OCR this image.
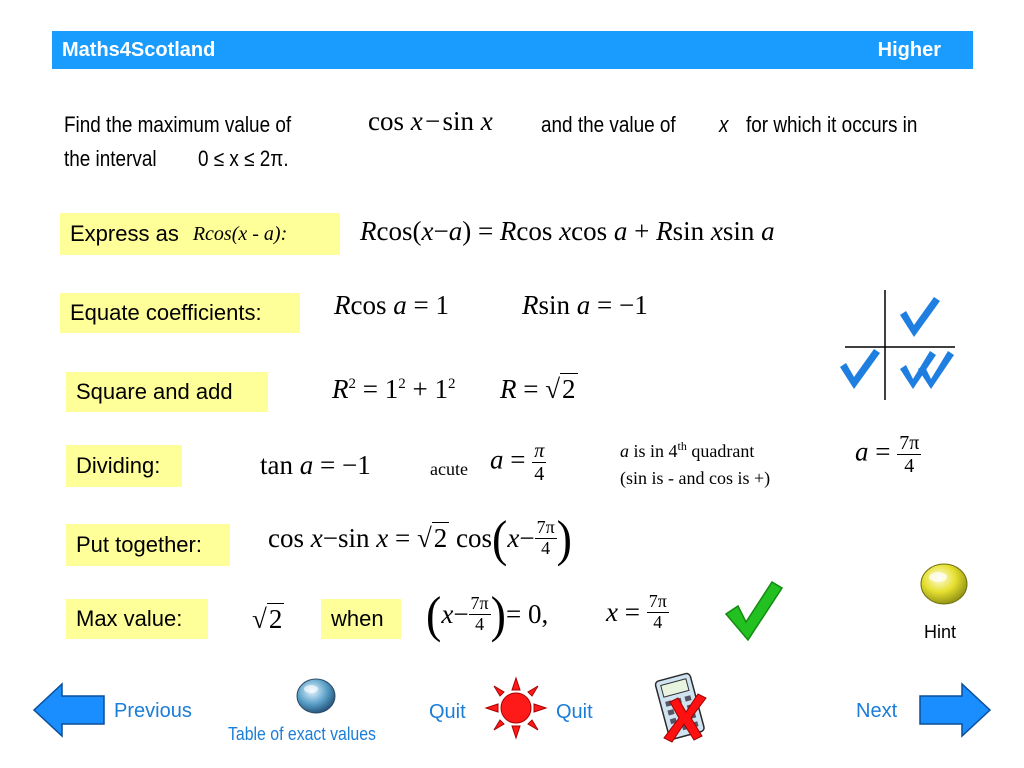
Maths4Scotland	Higher
Find the maximum value of	cos x − sin x and the value of x for which it occurs in
the interval 0 ≤ x ≤ 2π.
Express as Rcos(x - a):	Rcos(x−a) = Rcos xcos a + Rsin xsin a
Equate coefficients:	Rcos a = 1	Rsin a = −1
Square and add	$R^2 = 1^2 + 1^2$ R = √2
Dividing:	tan a = −1	acute $a = \frac{\pi}{4}$	a is in 4th quadrant
(sin is - and cos is +)
$a = \frac{7\pi}{4}$
Put together: cos x−sin x = √2 cos ( $x- \frac{7\pi}{4}$ )
Max value:	√2 when ( $x- \frac{7\pi}{4}$ ) = 0, $x = \frac{7\pi}{4}$	Hint
Previous
Table of exact values
Quit	Quit	Next
